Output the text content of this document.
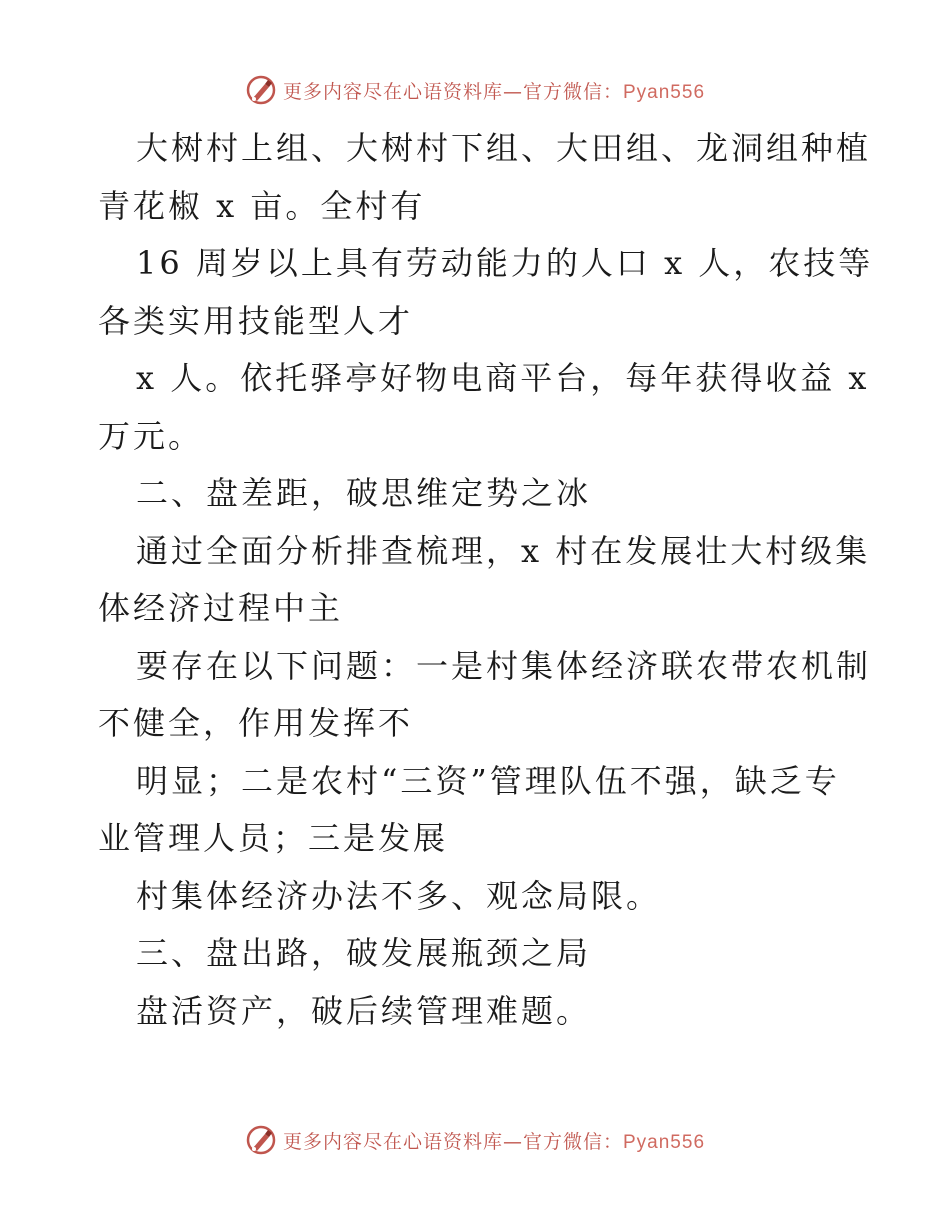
更多内容尽在心语资料库—官方微信：Pyan556
大树村上组、大树村下组、大田组、龙洞组种植
青花椒 x 亩。全村有
16 周岁以上具有劳动能力的人口 x 人，农技等
各类实用技能型人才
x 人。依托驿亭好物电商平台，每年获得收益 x
万元。
二、盘差距，破思维定势之冰
通过全面分析排查梳理，x 村在发展壮大村级集
体经济过程中主
要存在以下问题：一是村集体经济联农带农机制
不健全，作用发挥不
明显；二是农村“三资”管理队伍不强，缺乏专
业管理人员；三是发展
村集体经济办法不多、观念局限。
三、盘出路，破发展瓶颈之局
盘活资产，破后续管理难题。
更多内容尽在心语资料库—官方微信：Pyan556
